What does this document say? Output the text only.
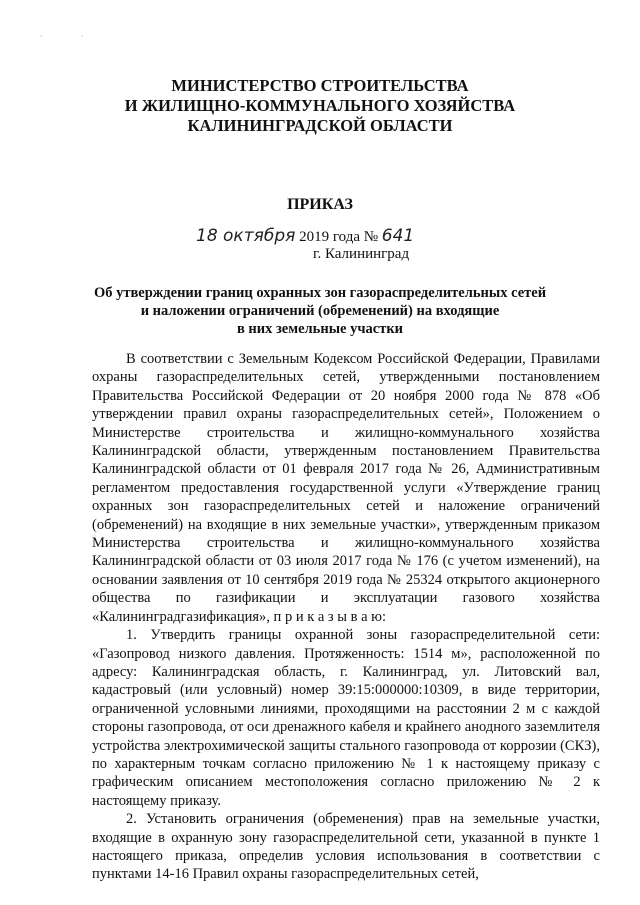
· ·
МИНИСТЕРСТВО СТРОИТЕЛЬСТВА
И ЖИЛИЩНО-КОММУНАЛЬНОГО ХОЗЯЙСТВА
КАЛИНИНГРАДСКОЙ ОБЛАСТИ
ПРИКАЗ
18 октября 2019 года № 641
г. Калининград
Об утверждении границ охранных зон газораспределительных сетей
и наложении ограничений (обременений) на входящие
в них земельные участки

В соответствии с Земельным Кодексом Российской Федерации, Правилами охраны газораспределительных сетей, утвержденными постановлением Правительства Российской Федерации от 20 ноября 2000 года № 878 «Об утверждении правил охраны газораспределительных сетей», Положением о Министерстве строительства и жилищно-коммунального хозяйства Калининградской области, утвержденным постановлением Правительства Калининградской области от 01 февраля 2017 года № 26, Административным регламентом предоставления государственной услуги «Утверждение границ охранных зон газораспределительных сетей и наложение ограничений (обременений) на входящие в них земельные участки», утвержденным приказом Министерства строительства и жилищно-коммунального хозяйства Калининградской области от 03 июля 2017 года № 176 (с учетом изменений), на основании заявления от 10 сентября 2019 года № 25324 открытого акционерного общества по газификации и эксплуатации газового хозяйства «Калининградгазификация», п р и к а з ы в а ю:

1. Утвердить границы охранной зоны газораспределительной сети: «Газопровод низкого давления. Протяженность: 1514 м», расположенной по адресу: Калининградская область, г. Калининград, ул. Литовский вал, кадастровый (или условный) номер 39:15:000000:10309, в виде территории, ограниченной условными линиями, проходящими на расстоянии 2 м с каждой стороны газопровода, от оси дренажного кабеля и крайнего анодного заземлителя устройства электрохимической защиты стального газопровода от коррозии (СКЗ), по характерным точкам согласно приложению № 1 к настоящему приказу с графическим описанием местоположения согласно приложению № 2 к настоящему приказу.

2. Установить ограничения (обременения) прав на земельные участки, входящие в охранную зону газораспределительной сети, указанной в пункте 1 настоящего приказа, определив условия использования в соответствии с пунктами 14-16 Правил охраны газораспределительных сетей,
